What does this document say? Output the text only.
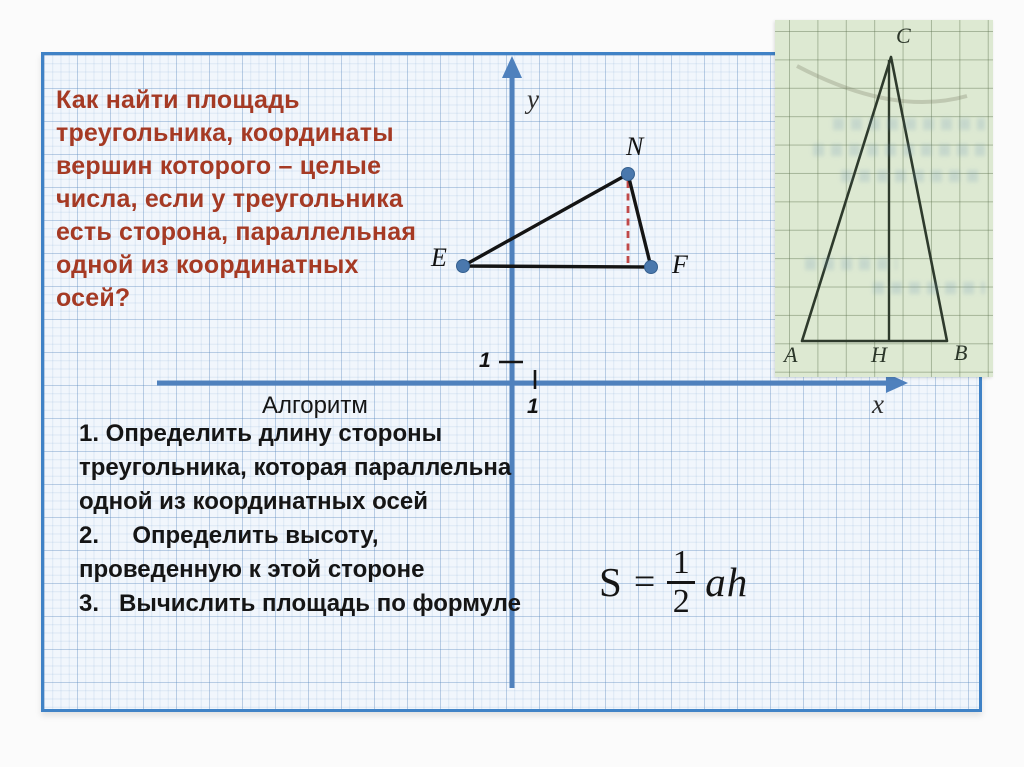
Как найти площадь
треугольника, координаты
вершин которого – целые
числа, если у треугольника
есть сторона, параллельная
одной из координатных
осей?
y
x
E
N
F
1
1
Алгоритм
1. Определить длину стороны
треугольника, которая параллельна
одной из координатных осей
2.     Определить высоту,
проведенную к этой стороне
3.   Вычислить площадь по формуле	$S = \frac{1}{2}$ ah
A	H	B
C
